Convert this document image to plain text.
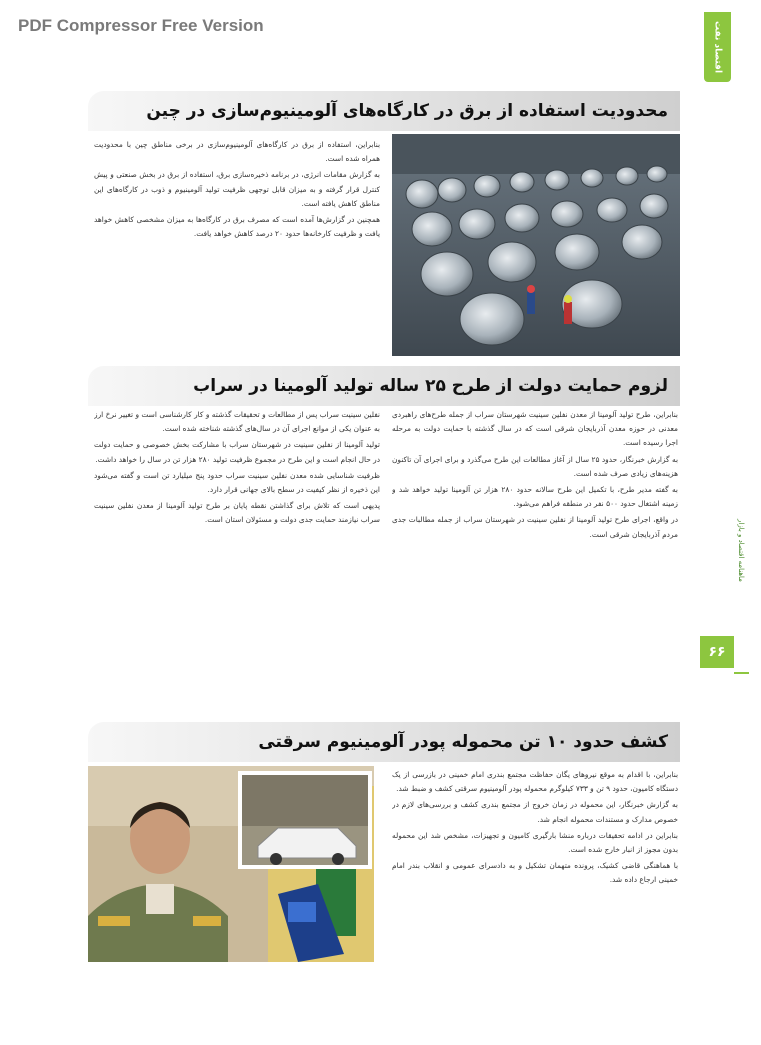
PDF Compressor Free Version	اقتصاد نفت
ماهنامه اقتصاد و بازار
۶۶
محدودیت استفاده از برق در کارگاه‌های آلومینیوم‌سازی در چین

بنابراین، استفاده از برق در کارگاه‌های آلومینیوم‌سازی در برخی مناطق چین با محدودیت همراه شده است.

به گزارش مقامات انرژی، در برنامه ذخیره‌سازی برق، استفاده از برق در بخش صنعتی و پیش کنترل قرار گرفته و به میزان قابل توجهی ظرفیت تولید آلومینیوم و ذوب در کارگاه‌های این مناطق کاهش یافته است.

همچنین در گزارش‌ها آمده است که مصرف برق در کارگاه‌ها به میزان مشخصی کاهش خواهد یافت و ظرفیت کارخانه‌ها حدود ۲۰ درصد کاهش خواهد یافت.

لزوم حمایت دولت از طرح ۲۵ ساله تولید آلومینا در سراب

بنابراین، طرح تولید آلومینا از معدن نفلین سینیت شهرستان سراب از جمله طرح‌های راهبردی معدنی در حوزه معدن آذربایجان شرقی است که در سال گذشته با حمایت دولت به مرحله اجرا رسیده است.

به گزارش خبرنگار، حدود ۲۵ سال از آغاز مطالعات این طرح می‌گذرد و برای اجرای آن تاکنون هزینه‌های زیادی صرف شده است.

به گفته مدیر طرح، با تکمیل این طرح سالانه حدود ۲۸۰ هزار تن آلومینا تولید خواهد شد و زمینه اشتغال حدود ۵۰۰ نفر در منطقه فراهم می‌شود.

در واقع، اجرای طرح تولید آلومینا از نفلین سینیت در شهرستان سراب از جمله مطالبات جدی مردم آذربایجان شرقی است.

نفلین سینیت سراب پس از مطالعات و تحقیقات گذشته و کار کارشناسی است و تغییر نرخ ارز به عنوان یکی از موانع اجرای آن در سال‌های گذشته شناخته شده است.

تولید آلومینا از نفلین سینیت در شهرستان سراب با مشارکت بخش خصوصی و حمایت دولت در حال انجام است و این طرح در مجموع ظرفیت تولید ۲۸۰ هزار تن در سال را خواهد داشت.

ظرفیت شناسایی شده معدن نفلین سینیت سراب حدود پنج میلیارد تن است و گفته می‌شود این ذخیره از نظر کیفیت در سطح بالای جهانی قرار دارد.

پدیهی است که تلاش برای گذاشتن نقطه پایان بر طرح تولید آلومینا از معدن نفلین سینیت سراب نیازمند حمایت جدی دولت و مسئولان استان است.

کشف حدود ۱۰ تن محموله پودر آلومینیوم سرقتی

بنابراین، با اقدام به موقع نیروهای یگان حفاظت مجتمع بندری امام خمینی در بازرسی از یک دستگاه کامیون، حدود ۹ تن و ۷۳۳ کیلوگرم محموله پودر آلومینیوم سرقتی کشف و ضبط شد.

به گزارش خبرنگار، این محموله در زمان خروج از مجتمع بندری کشف و بررسی‌های لازم در خصوص مدارک و مستندات محموله انجام شد.

بنابراین در ادامه تحقیقات درباره منشا بارگیری کامیون و تجهیزات، مشخص شد این محموله بدون مجوز از انبار خارج شده است.

با هماهنگی قاضی کشیک، پرونده متهمان تشکیل و به دادسرای عمومی و انقلاب بندر امام خمینی ارجاع داده شد.
